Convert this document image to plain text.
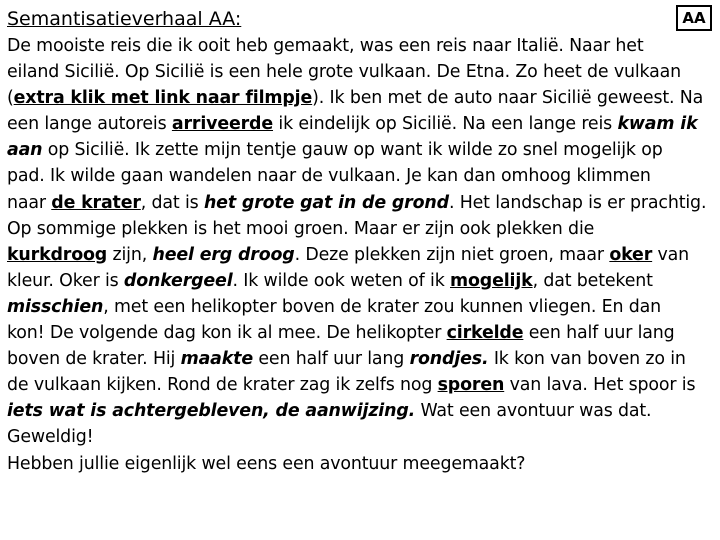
Semantisatieverhaal AA:	AA
De mooiste reis die ik ooit heb gemaakt, was een reis naar Italië. Naar het
eiland Sicilië. Op Sicilië is een hele grote vulkaan. De Etna. Zo heet de vulkaan
(extra klik met link naar filmpje). Ik ben met de auto naar Sicilië geweest. Na
een lange autoreis arriveerde ik eindelijk op Sicilië. Na een lange reis kwam ik
aan op Sicilië. Ik zette mijn tentje gauw op want ik wilde zo snel mogelijk op
pad. Ik wilde gaan wandelen naar de vulkaan. Je kan dan omhoog klimmen
naar de krater, dat is het grote gat in de grond. Het landschap is er prachtig.
Op sommige plekken is het mooi groen. Maar er zijn ook plekken die
kurkdroog zijn, heel erg droog. Deze plekken zijn niet groen, maar oker van
kleur. Oker is donkergeel. Ik wilde ook weten of ik mogelijk, dat betekent
misschien, met een helikopter boven de krater zou kunnen vliegen. En dan
kon! De volgende dag kon ik al mee. De helikopter cirkelde een half uur lang
boven de krater. Hij maakte een half uur lang rondjes. Ik kon van boven zo in
de vulkaan kijken. Rond de krater zag ik zelfs nog sporen van lava. Het spoor is
iets wat is achtergebleven, de aanwijzing. Wat een avontuur was dat.
Geweldig!
Hebben jullie eigenlijk wel eens een avontuur meegemaakt?
